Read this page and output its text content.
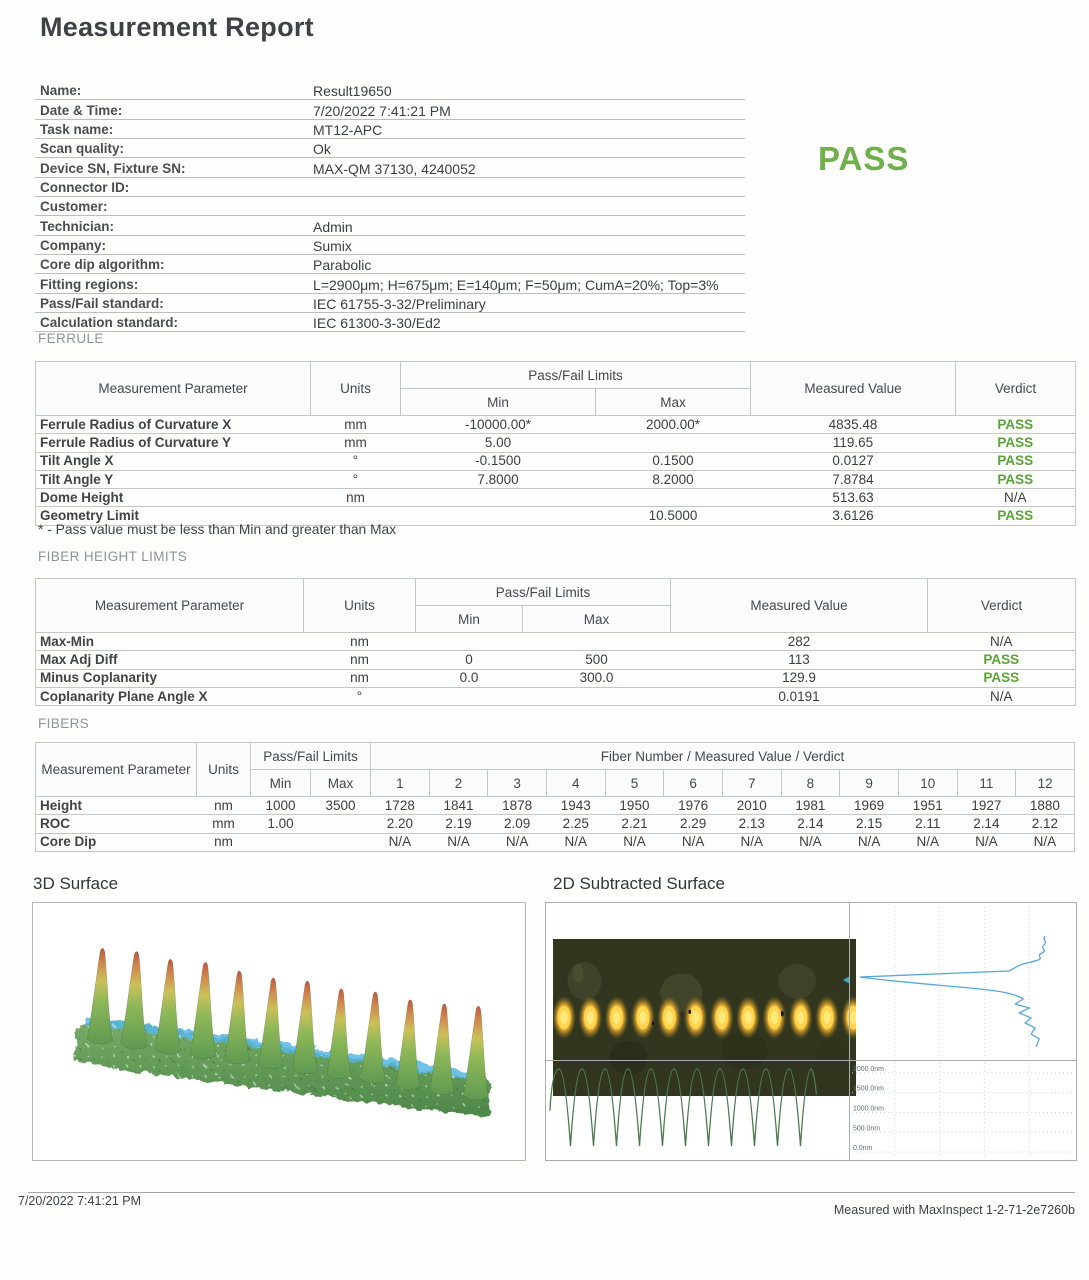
Measurement Report
Name:	Result19650
Date & Time:	7/20/2022 7:41:21 PM
Task name:	MT12-APC
Scan quality:	Ok
Device SN, Fixture SN:	MAX-QM 37130, 4240052
Connector ID:
Customer:
Technician:	Admin
Company:	Sumix
Core dip algorithm:	Parabolic
Fitting regions:	L=2900μm; H=675μm; E=140μm; F=50μm; CumA=20%; Top=3%
Pass/Fail standard:	IEC 61755-3-32/Preliminary
Calculation standard:	IEC 61300-3-30/Ed2
PASS
FERRULE
Measurement Parameter	Units	Pass/Fail Limits		Measured Value	Verdict
		Min	Max		
Ferrule Radius of Curvature X	mm	-10000.00*	2000.00*	4835.48	PASS
Ferrule Radius of Curvature Y	mm	5.00		119.65	PASS
Tilt Angle X	°	-0.1500	0.1500	0.0127	PASS
Tilt Angle Y	°	7.8000	8.2000	7.8784	PASS
Dome Height	nm			513.63	N/A
Geometry Limit			10.5000	3.6126	PASS
* - Pass value must be less than Min and greater than Max
FIBER HEIGHT LIMITS
Measurement Parameter	Units	Pass/Fail Limits		Measured Value	Verdict
		Min	Max		
Max-Min	nm			282	N/A
Max Adj Diff	nm	0	500	113	PASS
Minus Coplanarity	nm	0.0	300.0	129.9	PASS
Coplanarity Plane Angle X	°			0.0191	N/A
FIBERS
Measurement Parameter	Units	Pass/Fail Limits		Fiber Number / Measured Value / Verdict											
		Min	Max	1	2	3	4	5	6	7	8	9	10	11	12
Height	nm	1000	3500	1728	1841	1878	1943	1950	1976	2010	1981	1969	1951	1927	1880
ROC	mm	1.00		2.20	2.19	2.09	2.25	2.21	2.29	2.13	2.14	2.15	2.11	2.14	2.12
Core Dip	nm			N/A	N/A	N/A	N/A	N/A	N/A	N/A	N/A	N/A	N/A	N/A	N/A
3D Surface	2D Subtracted Surface
2000.0nm
1500.0nm
1000.0nm
500.0nm
0.0nm
7/20/2022 7:41:21 PM
Measured with MaxInspect 1-2-71-2e7260b
